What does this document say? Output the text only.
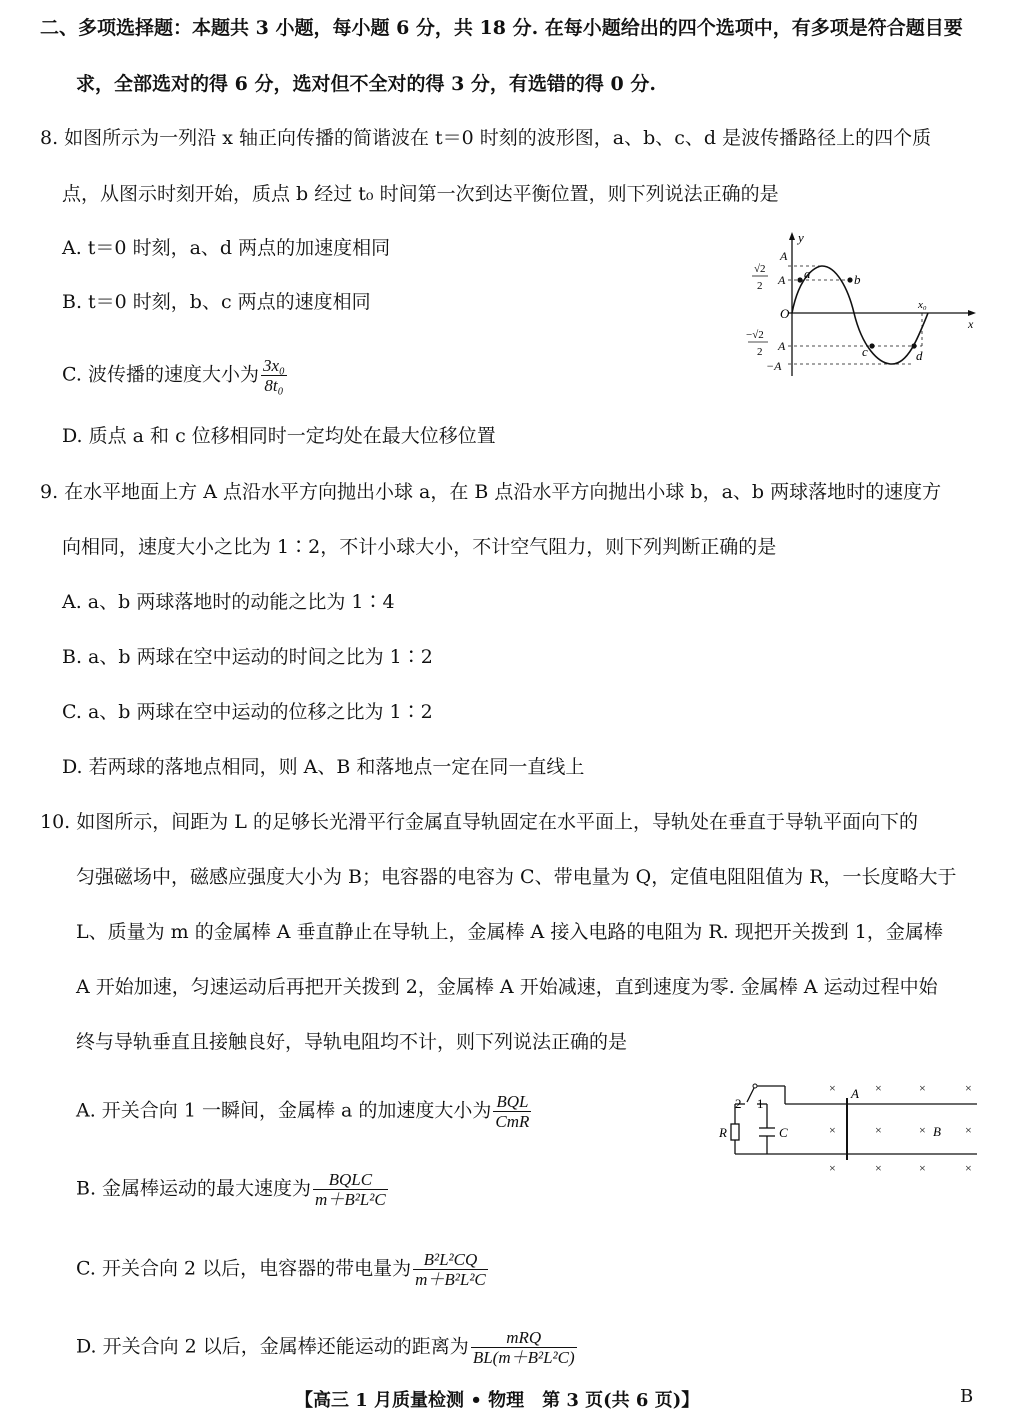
二、多项选择题：本题共 3 小题，每小题 6 分，共 18 分. 在每小题给出的四个选项中，有多项是符合题目要
求，全部选对的得 6 分，选对但不全对的得 3 分，有选错的得 0 分.
8. 如图所示为一列沿 x 轴正向传播的简谐波在 t＝0 时刻的波形图，a、b、c、d 是波传播路径上的四个质
点，从图示时刻开始，质点 b 经过 t₀ 时间第一次到达平衡位置，则下列说法正确的是
A. t＝0 时刻，a、d 两点的加速度相同
B. t＝0 时刻，b、c 两点的速度相同
C. 波传播的速度大小为 $\frac{\text{3x₀}}{\text{8t₀}}$
D. 质点 a 和 c 位移相同时一定均处在最大位移位置
y
x
O
A
√2
2 A
−√2
2 A
−A
x₀
a	b
c	d
9. 在水平地面上方 A 点沿水平方向抛出小球 a，在 B 点沿水平方向抛出小球 b，a、b 两球落地时的速度方
向相同，速度大小之比为 1∶2，不计小球大小，不计空气阻力，则下列判断正确的是
A. a、b 两球落地时的动能之比为 1∶4
B. a、b 两球在空中运动的时间之比为 1∶2
C. a、b 两球在空中运动的位移之比为 1∶2
D. 若两球的落地点相同，则 A、B 和落地点一定在同一直线上
10. 如图所示，间距为 L 的足够长光滑平行金属直导轨固定在水平面上，导轨处在垂直于导轨平面向下的
匀强磁场中，磁感应强度大小为 B；电容器的电容为 C、带电量为 Q，定值电阻阻值为 R，一长度略大于
L、质量为 m 的金属棒 A 垂直静止在导轨上，金属棒 A 接入电路的电阻为 R. 现把开关拨到 1，金属棒
A 开始加速，匀速运动后再把开关拨到 2，金属棒 A 开始减速，直到速度为零. 金属棒 A 运动过程中始
终与导轨垂直且接触良好，导轨电阻均不计，则下列说法正确的是
A. 开关合向 1 一瞬间，金属棒 a 的加速度大小为 $\frac{\text{BQL}}{\text{CmR}}$
B. 金属棒运动的最大速度为 $\frac{\text{BQLC}}{\text{m＋B²L²C}}$
C. 开关合向 2 以后，电容器的带电量为 $\frac{\text{B²L²CQ}}{\text{m＋B²L²C}}$
D. 开关合向 2 以后，金属棒还能运动的距离为 $\frac{\text{mRQ}}{\text{BL(m＋B²L²C)}}$
2 1
R	C
A
B
×	×	×	×
×	×	×	×
×	×	×	×
【高三 1 月质量检测 • 物理　第 3 页(共 6 页)】	B
